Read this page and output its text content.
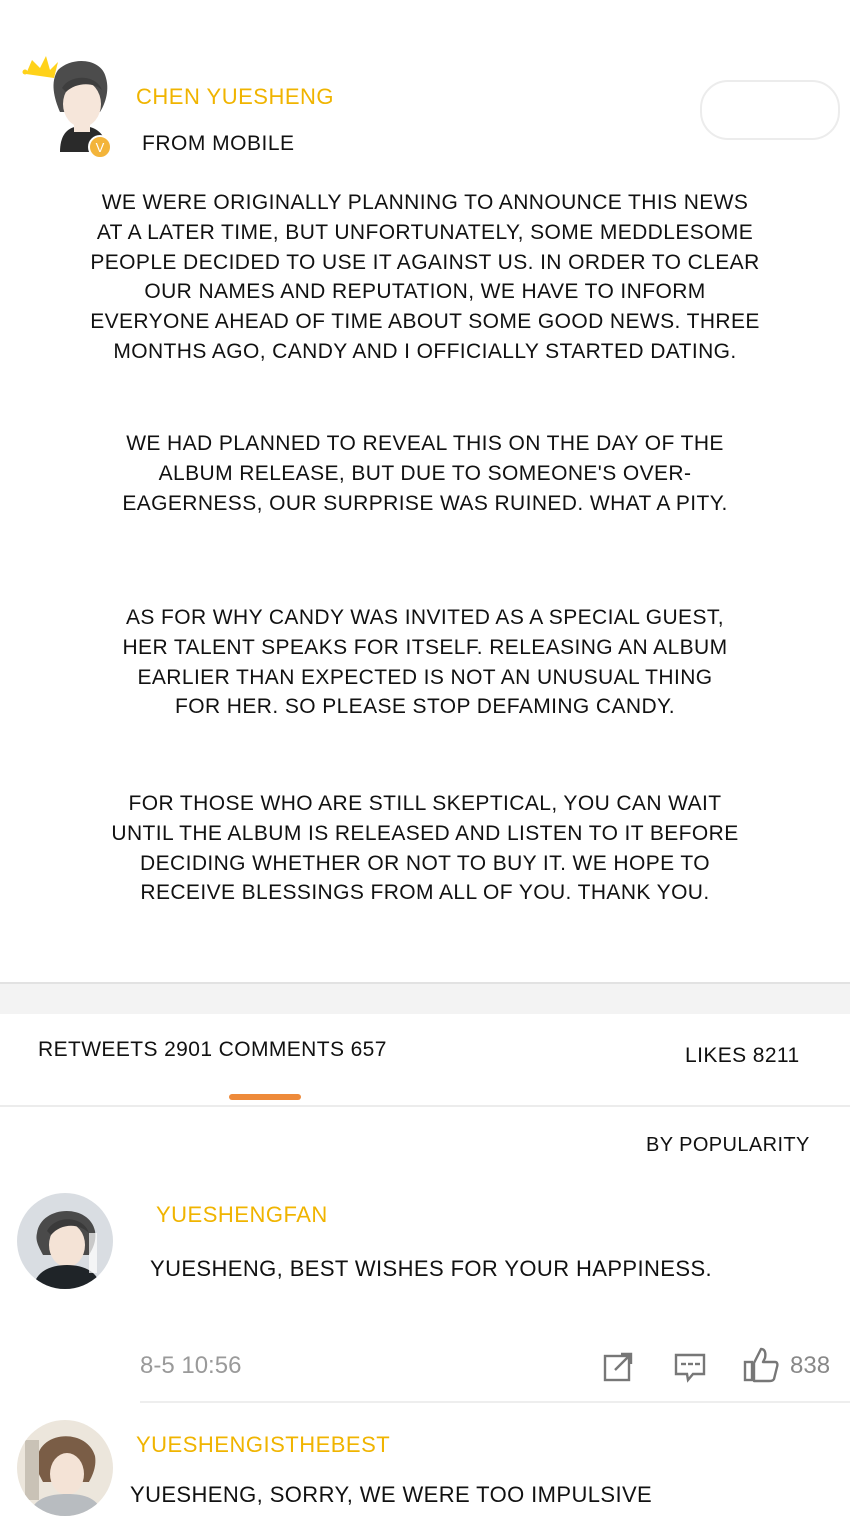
V
CHEN YUESHENG
FROM MOBILE
WE WERE ORIGINALLY PLANNING TO ANNOUNCE THIS NEWS
AT A LATER TIME, BUT UNFORTUNATELY, SOME MEDDLESOME
PEOPLE DECIDED TO USE IT AGAINST US. IN ORDER TO CLEAR
OUR NAMES AND REPUTATION, WE HAVE TO INFORM
EVERYONE AHEAD OF TIME ABOUT SOME GOOD NEWS. THREE
MONTHS AGO, CANDY AND I OFFICIALLY STARTED DATING.
WE HAD PLANNED TO REVEAL THIS ON THE DAY OF THE
ALBUM RELEASE, BUT DUE TO SOMEONE'S OVER-
EAGERNESS, OUR SURPRISE WAS RUINED. WHAT A PITY.
AS FOR WHY CANDY WAS INVITED AS A SPECIAL GUEST,
HER TALENT SPEAKS FOR ITSELF. RELEASING AN ALBUM
EARLIER THAN EXPECTED IS NOT AN UNUSUAL THING
FOR HER. SO PLEASE STOP DEFAMING CANDY.
FOR THOSE WHO ARE STILL SKEPTICAL, YOU CAN WAIT
UNTIL THE ALBUM IS RELEASED AND LISTEN TO IT BEFORE
DECIDING WHETHER OR NOT TO BUY IT. WE HOPE TO
RECEIVE BLESSINGS FROM ALL OF YOU. THANK YOU.
RETWEETS 2901 COMMENTS 657	LIKES 8211
BY POPULARITY
YUESHENGFAN
YUESHENG, BEST WISHES FOR YOUR HAPPINESS.
8-5 10:56	838
YUESHENGISTHEBEST
YUESHENG, SORRY, WE WERE TOO IMPULSIVE
